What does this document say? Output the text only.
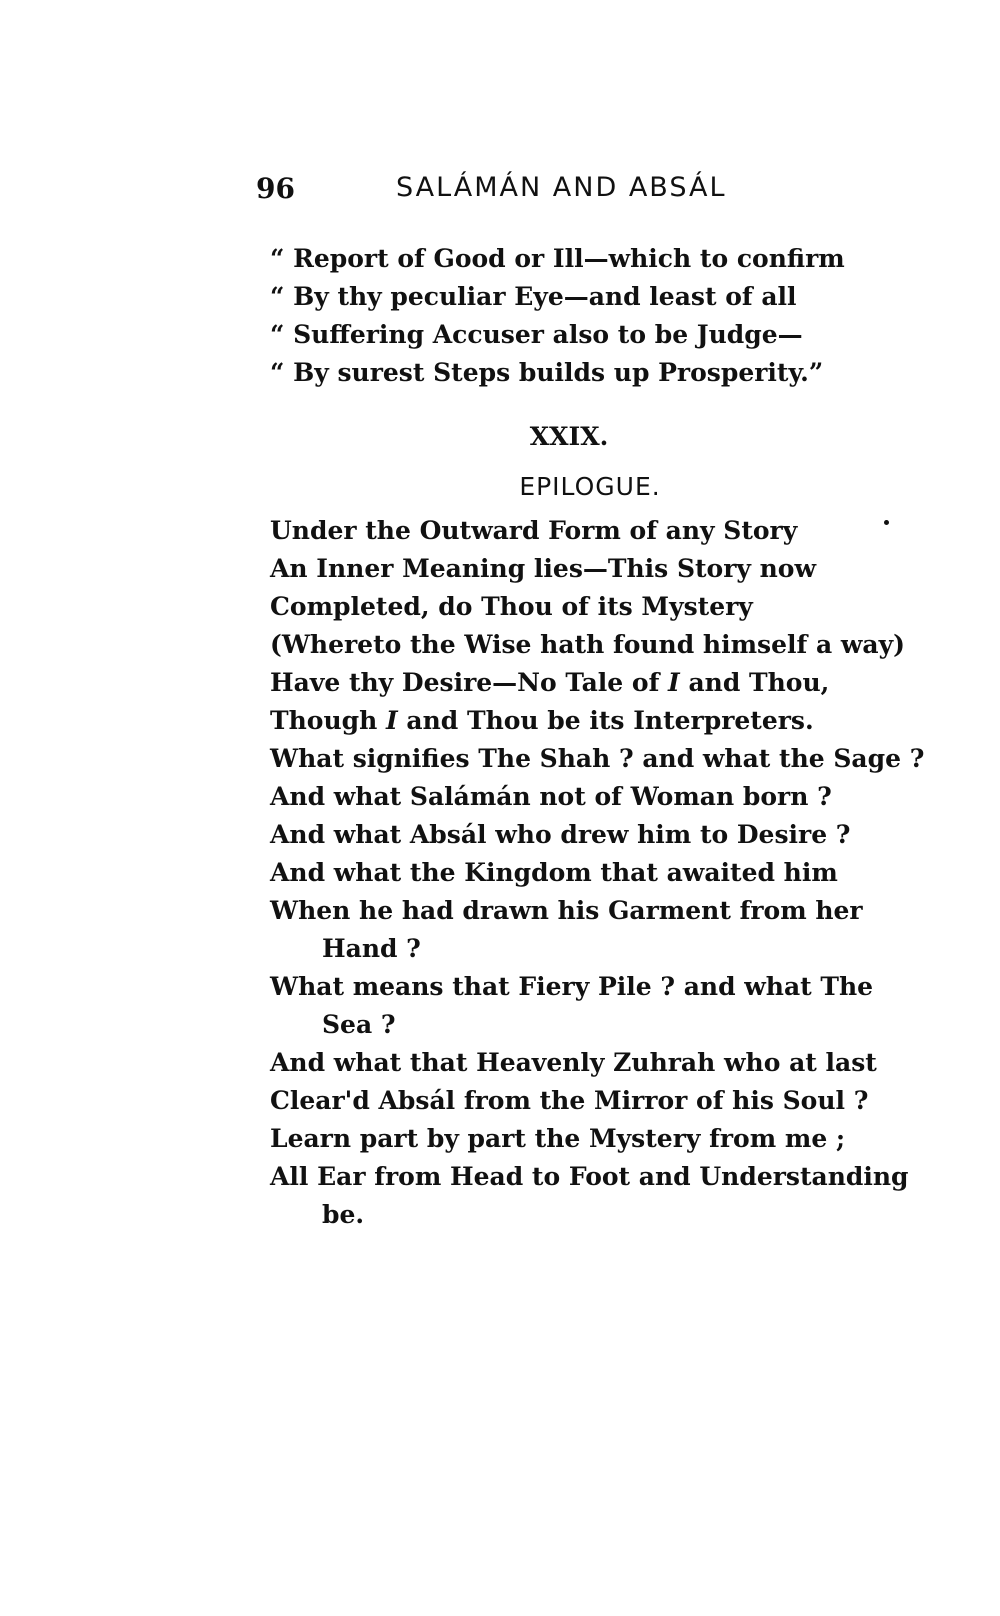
96	SALÁMÁN AND ABSÁL
“ Report of Good or Ill—which to confirm
“ By thy peculiar Eye—and least of all
“ Suffering Accuser also to be Judge—
“ By surest Steps builds up Prosperity.”
XXIX.
EPILOGUE.
Under the Outward Form of any Story
An Inner Meaning lies—This Story now
Completed, do Thou of its Mystery
(Whereto the Wise hath found himself a way)
Have thy Desire—No Tale of I and Thou,
Though I and Thou be its Interpreters.
What signifies The Shah ? and what the Sage ?
And what Salámán not of Woman born ?
And what Absál who drew him to Desire ?
And what the Kingdom that awaited him
When he had drawn his Garment from her
Hand ?
What means that Fiery Pile ? and what The
Sea ?
And what that Heavenly Zuhrah who at last
Clear'd Absál from the Mirror of his Soul ?
Learn part by part the Mystery from me ;
All Ear from Head to Foot and Understanding
be.
